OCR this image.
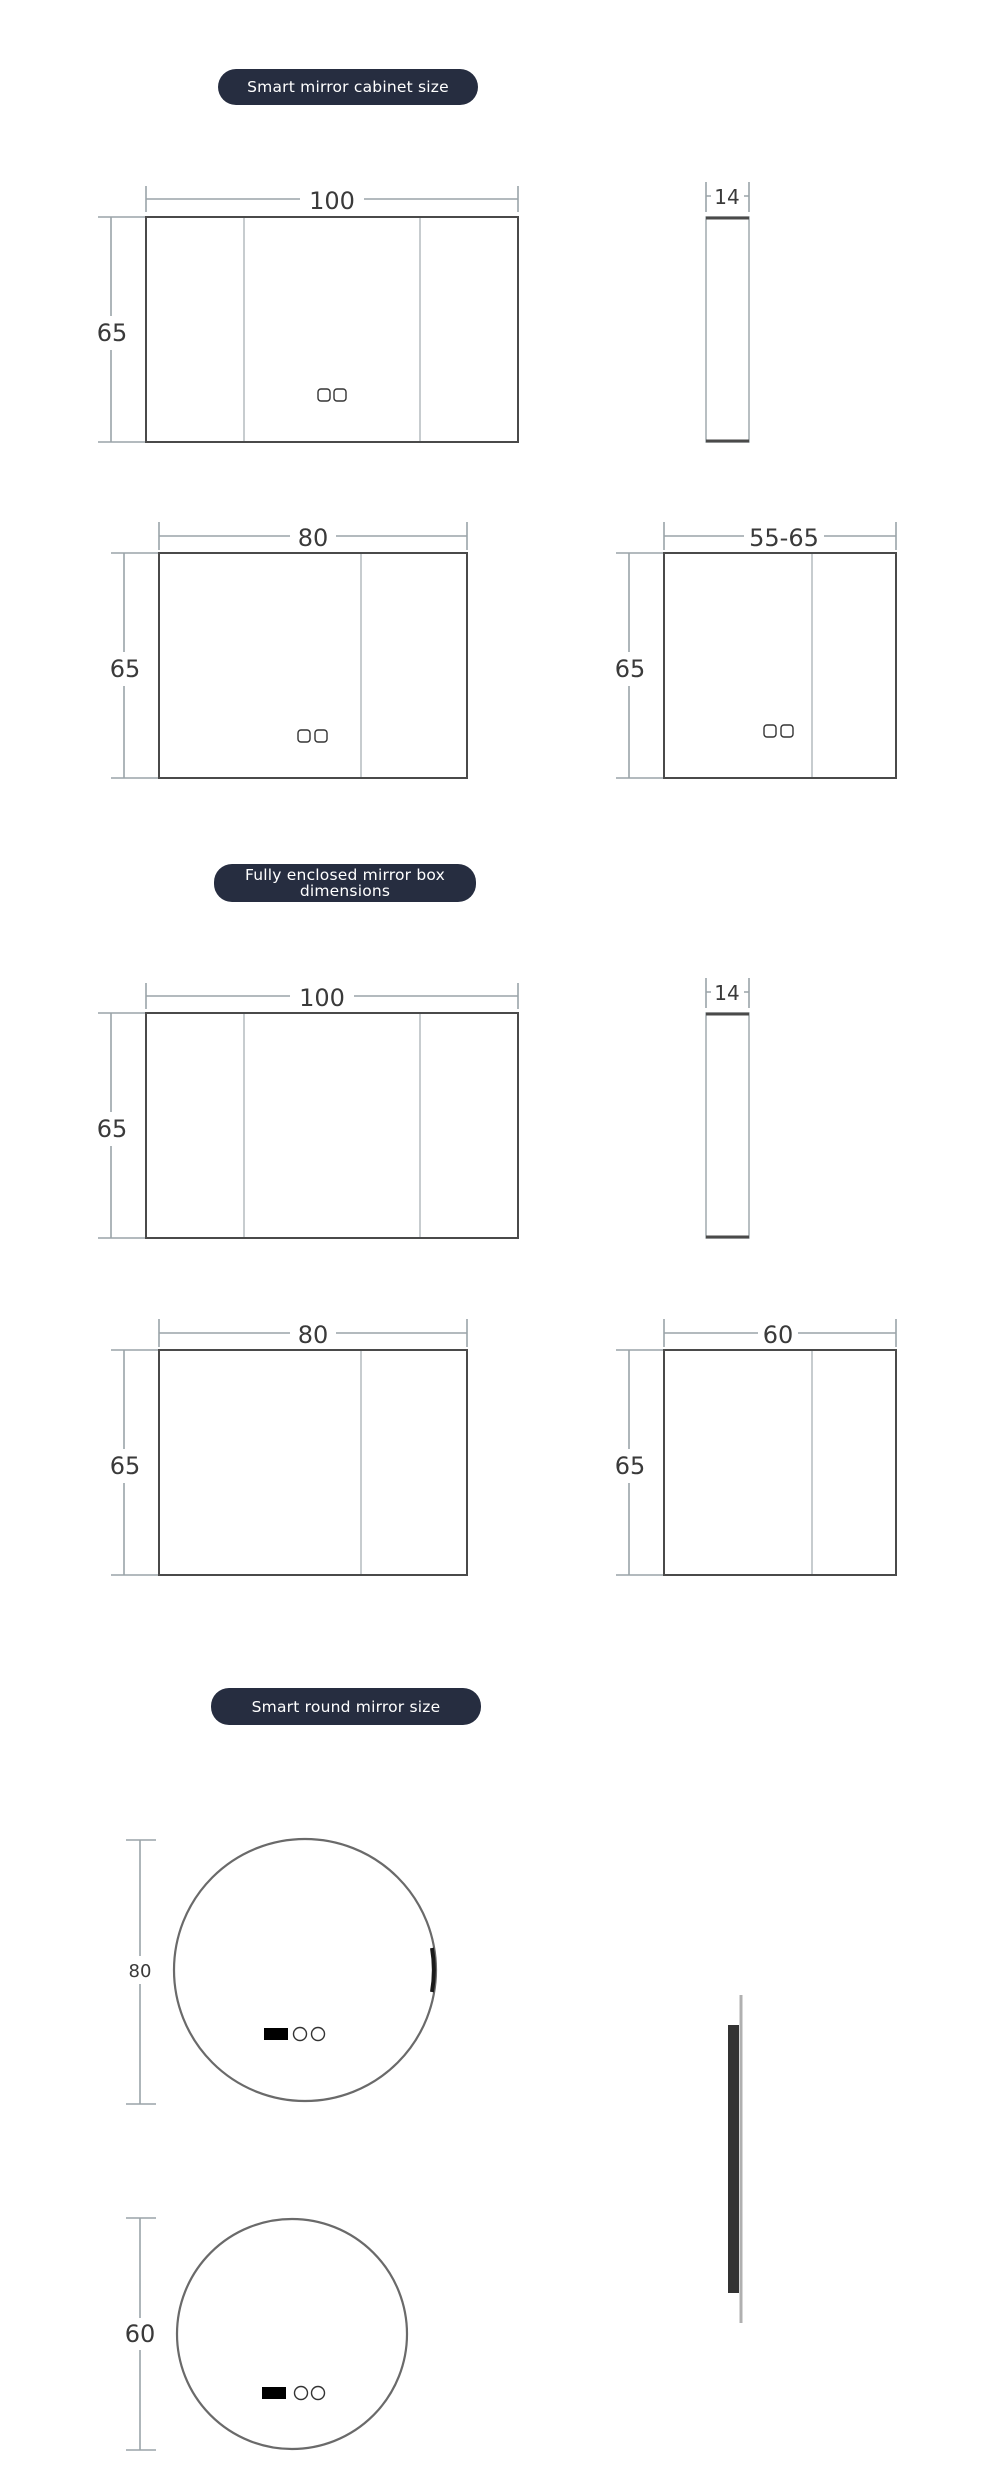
Smart mirror cabinet size
Fully enclosed mirror box
dimensions
Smart round mirror size
100
65
14
80
65
55-65
65
100
65
14
80
65
60
65
80
60
